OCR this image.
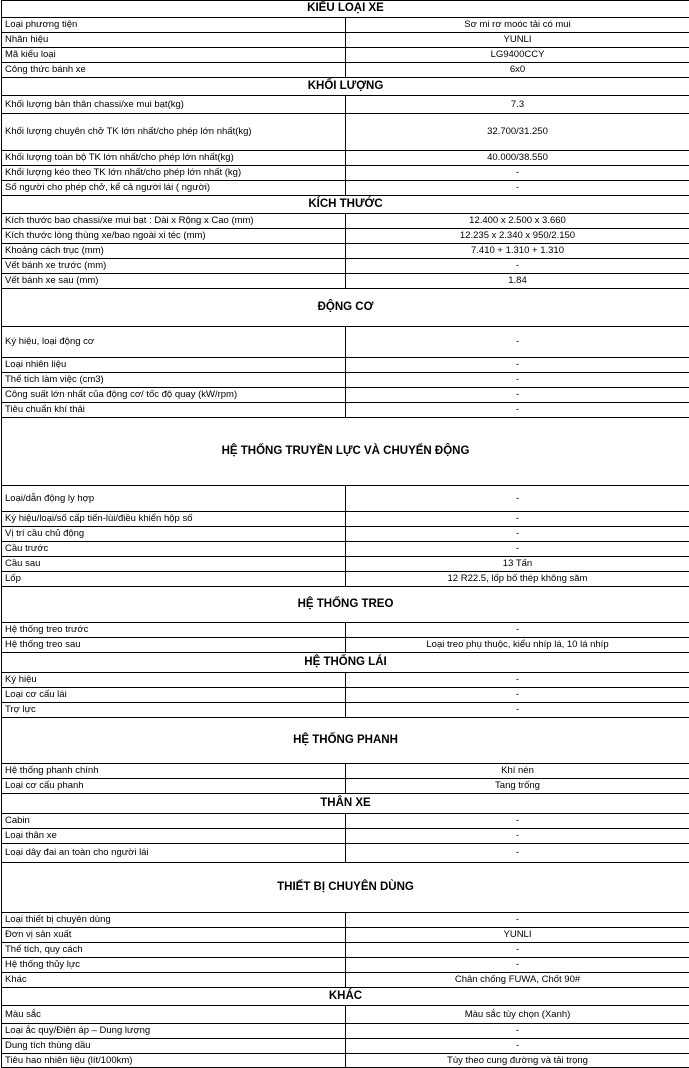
KIỂU LOẠI XE	
Loại phương tiện	Sơ mi rơ moóc tải có mui
Nhãn hiệu	YUNLI
Mã kiểu loại	LG9400CCY
Công thức bánh xe	6x0
KHỐI LƯỢNG	
Khối lượng bản thân chassi/xe mui bạt(kg)	7.3
Khối lượng chuyên chở TK lớn nhất/cho phép lớn nhất(kg)	32.700/31.250
Khối lượng toàn bộ TK lớn nhất/cho phép lớn nhất(kg)	40.000/38.550
Khối lượng kéo theo TK lớn nhất/cho phép lớn nhất (kg)	-
Số người cho phép chở, kể cả người lái ( người)	-
KÍCH THƯỚC	
Kích thước bao chassi/xe mui bạt : Dài x Rộng x Cao (mm)	12.400 x 2.500 x 3.660
Kích thước lòng thùng xe/bao ngoài xi téc (mm)	12.235 x 2.340 x 950/2.150
Khoảng cách trục (mm)	7.410 + 1.310 + 1.310
Vết bánh xe trước (mm)	-
Vết bánh xe sau (mm)	1.84
ĐỘNG CƠ	
Ký hiệu, loại động cơ	-
Loại nhiên liệu	-
Thể tích làm việc (cm3)	-
Công suất lớn nhất của động cơ/ tốc độ quay (kW/rpm)	-
Tiêu chuẩn khí thải	-
HỆ THỐNG TRUYỀN LỰC VÀ CHUYỂN ĐỘNG	
Loại/dẫn động ly hợp	-
Ký hiệu/loại/số cấp tiến-lùi/điều khiển hộp số	-
Vị trí cầu chủ động	-
Cầu trước	-
Cầu sau	13 Tấn
Lốp	12 R22.5, lốp bố thép không săm
HỆ THỐNG TREO	
Hệ thống treo trước	-
Hệ thống treo sau	Loại treo phụ thuộc, kiểu nhíp lá, 10 lá nhíp
HỆ THỐNG LÁI	
Ký hiệu	-
Loại cơ cấu lái	-
Trợ lực	-
HỆ THỐNG PHANH	
Hệ thống phanh chính	Khí nén
Loại cơ cấu phanh	Tang trống
THÂN XE	
Cabin	-
Loại thân xe	-
Loại dây đai an toàn cho người lái	-
THIẾT BỊ CHUYÊN DÙNG	
Loại thiết bị chuyên dùng	-
Đơn vị sản xuất	YUNLI
Thể tích, quy cách	-
Hệ thống thủy lực	-
Khác	Chân chống FUWA, Chốt 90#
KHÁC	
Màu sắc	Màu sắc tùy chọn (Xanh)
Loại ắc quy/Điện áp – Dung lượng	-
Dung tích thùng dầu	-
Tiêu hao nhiên liệu (lít/100km)	Tùy theo cung đường và tải trọng
